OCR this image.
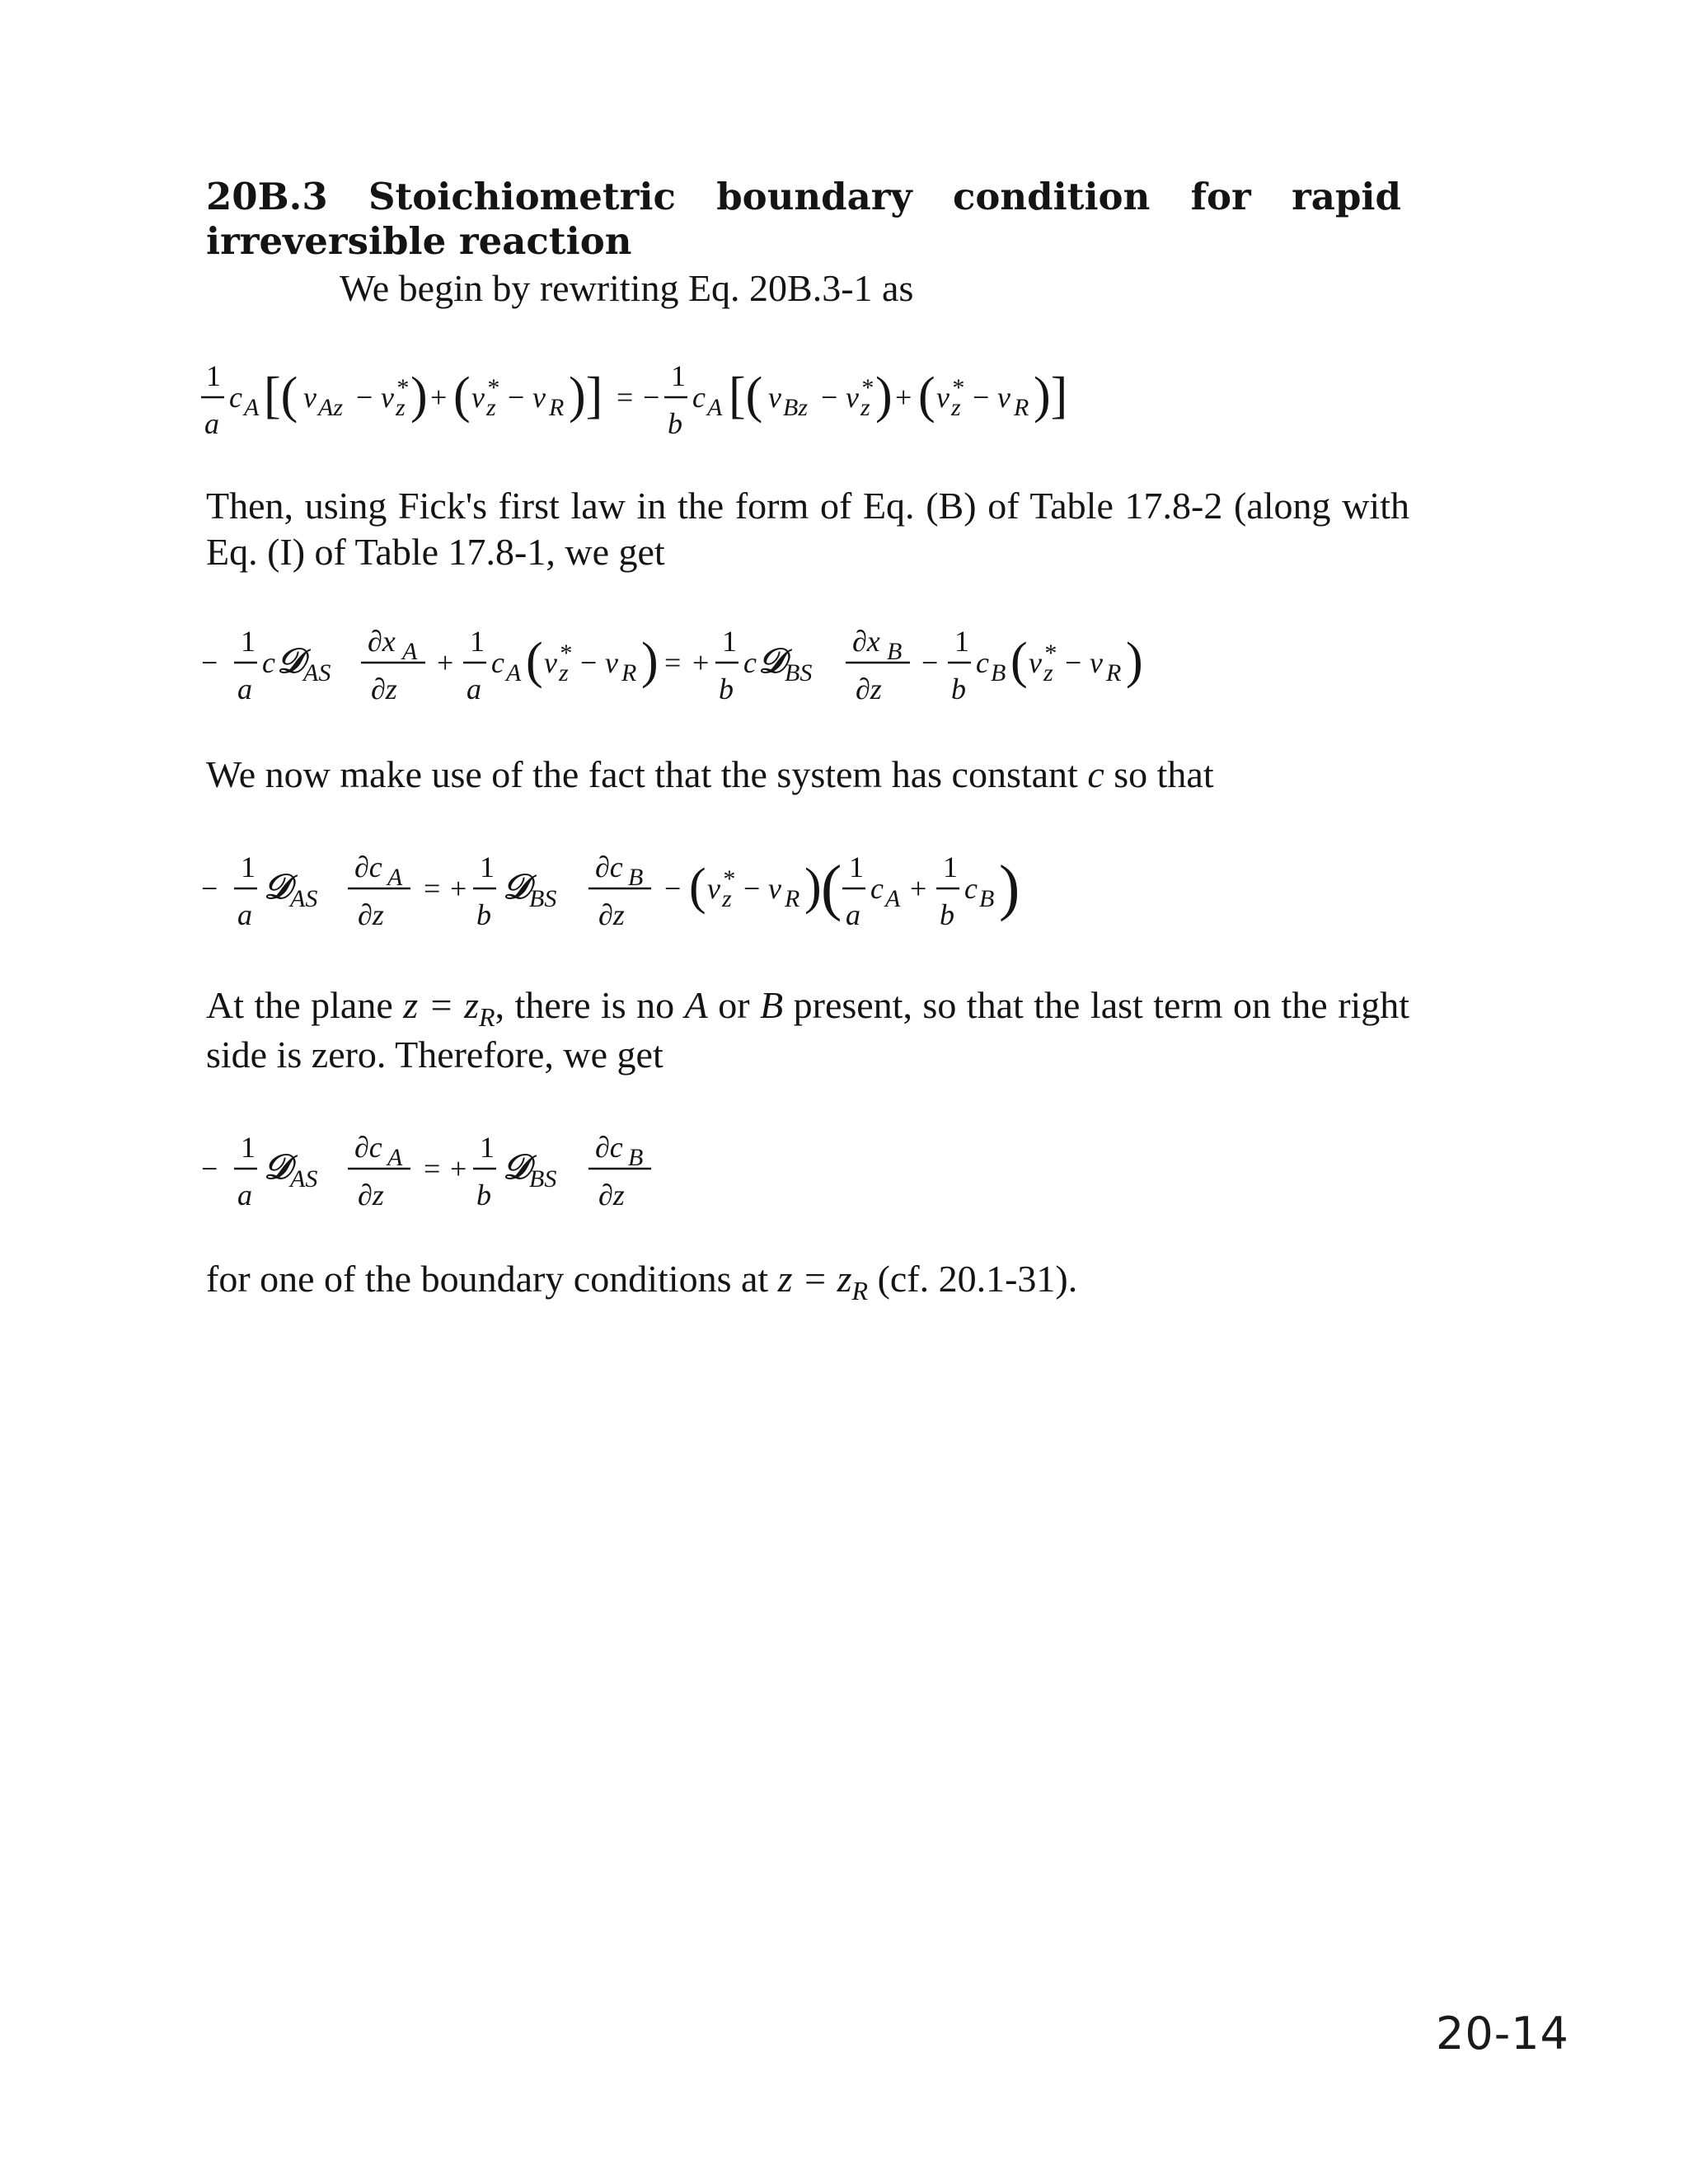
20B.3 Stoichiometric boundary condition for rapid irreversible reaction
We begin by rewriting Eq. 20B.3-1 as
1
a
c A [( v Az − v *
z ) + ( v *
z − v R )] = −
1
b
c A [( v Bz − v *
z ) + ( v *
z − v R )]
Then, using Fick's first law in the form of Eq. (B) of Table 17.8-2 (along with Eq. (I) of Table 17.8-1, we get
−
1
a
c 𝒟
AS
∂x A
∂z
+
1
a
c A ( v *
z − v R ) = +
1
b
c 𝒟
BS
∂x B
∂z
−
1
b
c B ( v *
z − v R )
We now make use of the fact that the system has constant c so that
−
1
a
𝒟
AS
∂c A
∂z
= +
1
b
𝒟
BS
∂c B
∂z
− ( v *
z − v R ) ( 1
a
c A +
1
b
c B )
At the plane $z = z_R$, there is no A or B present, so that the last term on the right side is zero. Therefore, we get
−
1
a
𝒟
AS
∂c A
∂z
= +
1
b
𝒟
BS
∂c B
∂z
for one of the boundary conditions at $z = z_R$ (cf. 20.1-31).
20-14
